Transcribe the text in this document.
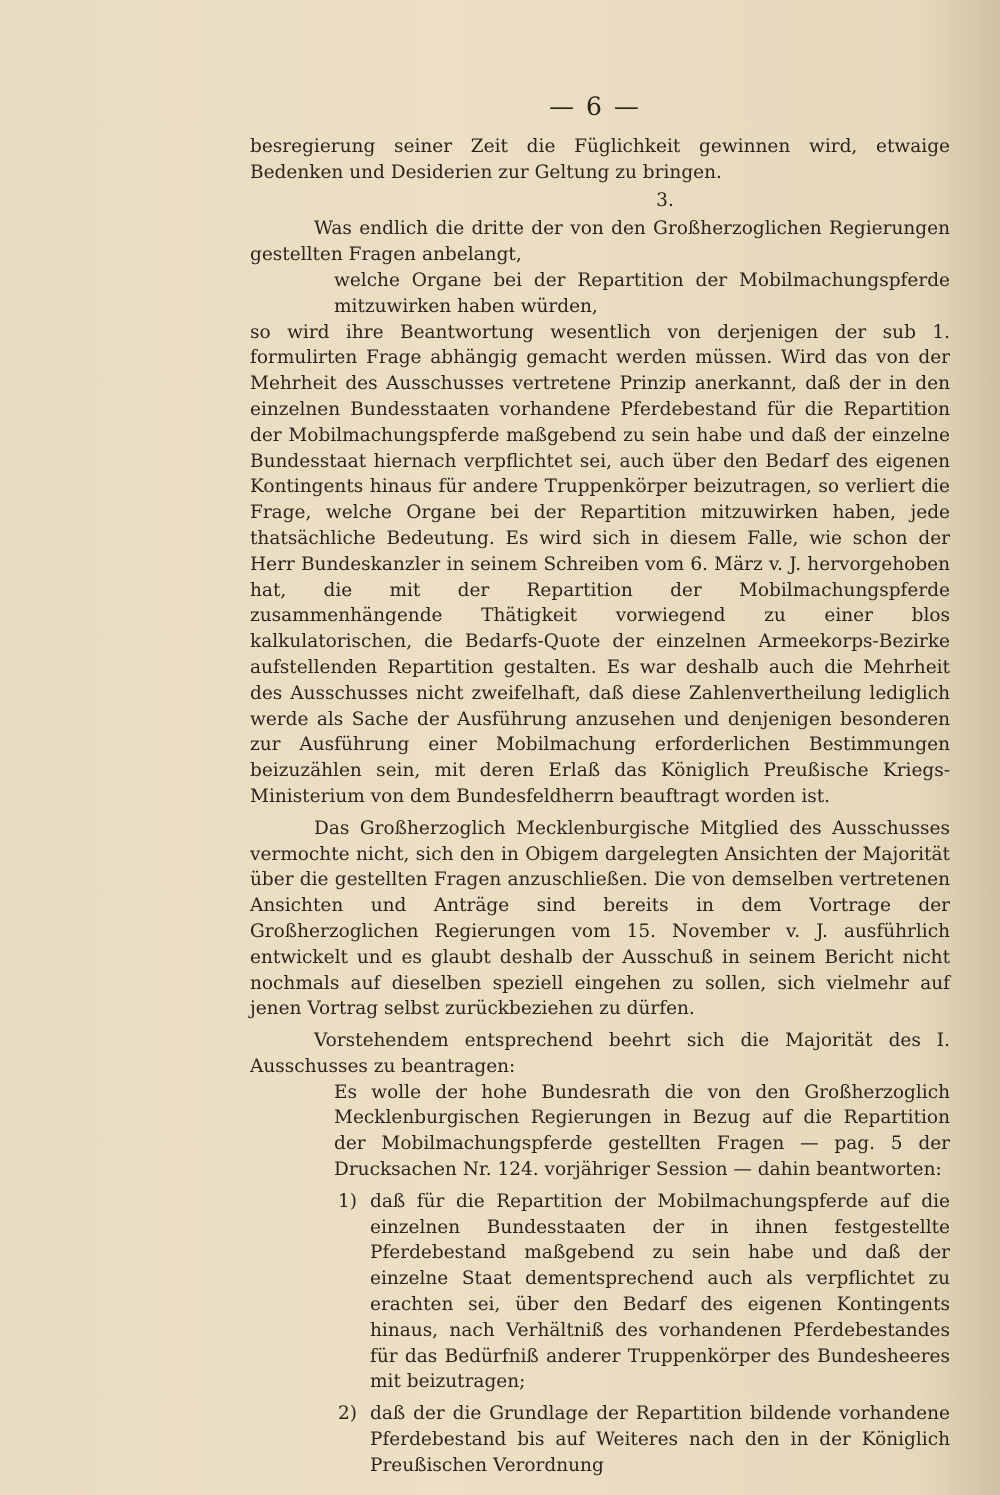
— 6 —

besregierung seiner Zeit die Füglichkeit gewinnen wird, etwaige Bedenken und Desiderien zur Geltung zu bringen.

3.

Was endlich die dritte der von den Großherzoglichen Regierungen gestellten Fragen anbelangt,

welche Organe bei der Repartition der Mobilmachungspferde mitzuwirken haben würden,

so wird ihre Beantwortung wesentlich von derjenigen der sub 1. formulirten Frage abhängig gemacht werden müssen. Wird das von der Mehrheit des Ausschusses vertretene Prinzip anerkannt, daß der in den einzelnen Bundesstaaten vorhandene Pferdebestand für die Repartition der Mobilmachungspferde maßgebend zu sein habe und daß der einzelne Bundesstaat hiernach verpflichtet sei, auch über den Bedarf des eigenen Kontingents hinaus für andere Truppenkörper beizutragen, so verliert die Frage, welche Organe bei der Repartition mitzuwirken haben, jede thatsächliche Bedeutung. Es wird sich in diesem Falle, wie schon der Herr Bundeskanzler in seinem Schreiben vom 6. März v. J. hervorgehoben hat, die mit der Repartition der Mobilmachungspferde zusammenhängende Thätigkeit vorwiegend zu einer blos kalkulatorischen, die Bedarfs-Quote der einzelnen Armeekorps-Bezirke aufstellenden Repartition gestalten. Es war deshalb auch die Mehrheit des Ausschusses nicht zweifelhaft, daß diese Zahlenvertheilung lediglich werde als Sache der Ausführung anzusehen und denjenigen besonderen zur Ausführung einer Mobilmachung erforderlichen Bestimmungen beizuzählen sein, mit deren Erlaß das Königlich Preußische Kriegs-Ministerium von dem Bundesfeldherrn beauftragt worden ist.

Das Großherzoglich Mecklenburgische Mitglied des Ausschusses vermochte nicht, sich den in Obigem dargelegten Ansichten der Majorität über die gestellten Fragen anzuschließen. Die von demselben vertretenen Ansichten und Anträge sind bereits in dem Vortrage der Großherzoglichen Regierungen vom 15. November v. J. ausführlich entwickelt und es glaubt deshalb der Ausschuß in seinem Bericht nicht nochmals auf dieselben speziell eingehen zu sollen, sich vielmehr auf jenen Vortrag selbst zurückbeziehen zu dürfen.

Vorstehendem entsprechend beehrt sich die Majorität des I. Ausschusses zu beantragen:

Es wolle der hohe Bundesrath die von den Großherzoglich Mecklenburgischen Regierungen in Bezug auf die Repartition der Mobilmachungspferde gestellten Fragen — pag. 5 der Drucksachen Nr. 124. vorjähriger Session — dahin beantworten:

1) daß für die Repartition der Mobilmachungspferde auf die einzelnen Bundesstaaten der in ihnen festgestellte Pferdebestand maßgebend zu sein habe und daß der einzelne Staat dementsprechend auch als verpflichtet zu erachten sei, über den Bedarf des eigenen Kontingents hinaus, nach Verhältniß des vorhandenen Pferdebestandes für das Bedürfniß anderer Truppenkörper des Bundesheeres mit beizutragen;

2) daß der die Grundlage der Repartition bildende vorhandene Pferdebestand bis auf Weiteres nach den in der Königlich Preußischen Verordnung
